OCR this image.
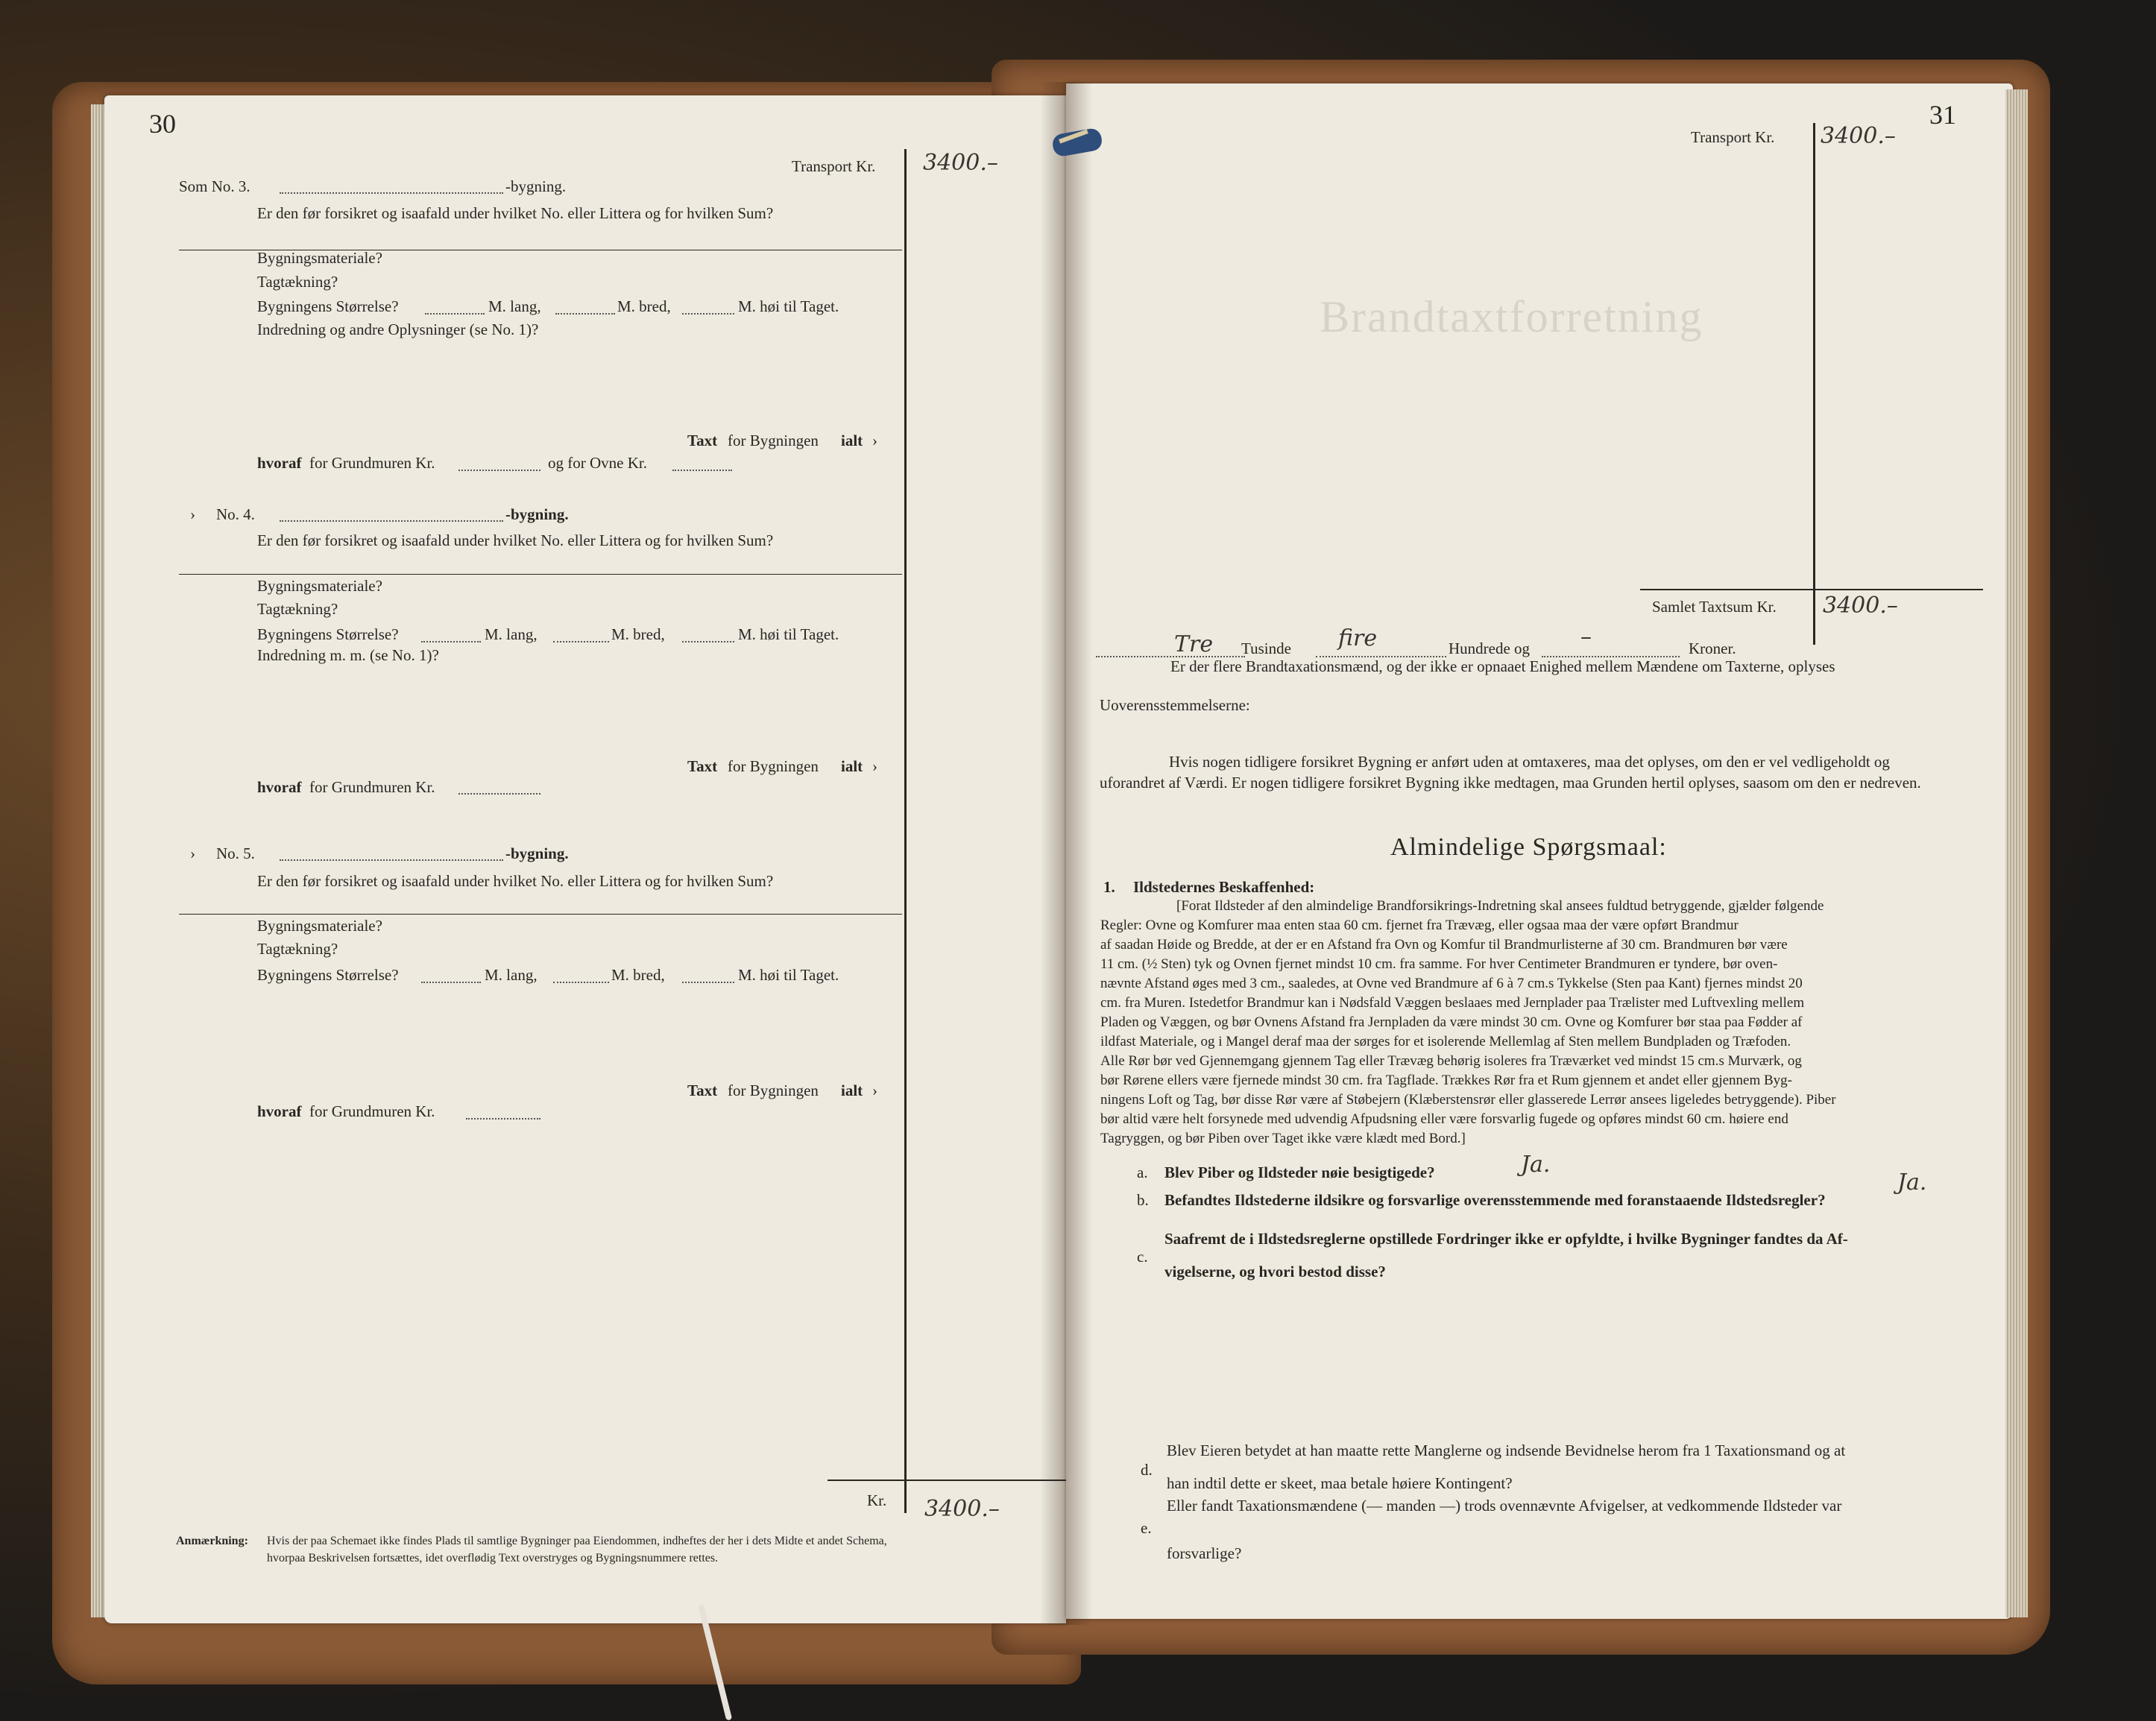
Brandtaxtforretning
30
Transport Kr. 3400.–
Som No. 3.	-bygning.
Er den før forsikret og isaafald under hvilket No. eller Littera og for hvilken Sum?
Bygningsmateriale?
Tagtækning?
Bygningens Størrelse?	M. lang,	M. bred,	M. høi til Taget.
Indredning og andre Oplysninger (se No. 1)?
Taxt for Bygningen ialt ›
hvoraf for Grundmuren Kr.	og for Ovne Kr.
› No. 4.	-bygning.
Er den før forsikret og isaafald under hvilket No. eller Littera og for hvilken Sum?
Bygningsmateriale?
Tagtækning?
Bygningens Størrelse?	M. lang,	M. bred,	M. høi til Taget.
Indredning m. m. (se No. 1)?
Taxt for Bygningen ialt ›
hvoraf for Grundmuren Kr.
› No. 5.	-bygning.
Er den før forsikret og isaafald under hvilket No. eller Littera og for hvilken Sum?
Bygningsmateriale?
Tagtækning?
Bygningens Størrelse?	M. lang,	M. bred,	M. høi til Taget.
Taxt for Bygningen ialt ›
hvoraf for Grundmuren Kr.
Kr. 3400.–
Anmærkning: Hvis der paa Schemaet ikke findes Plads til samtlige Bygninger paa Eiendommen, indheftes der her i dets Midte et andet Schema,
hvorpaa Beskrivelsen fortsættes, idet overflødig Text overstryges og Bygningsnummere rettes.
31
Transport Kr. 3400.–
Samlet Taxtsum Kr. 3400.–
Tre Tusinde fire	Hundrede og –	Kroner.
Er der flere Brandtaxationsmænd, og der ikke er opnaaet Enighed mellem Mændene om Taxterne, oplyses
Uoverensstemmelserne:
Hvis nogen tidligere forsikret Bygning er anført uden at omtaxeres, maa det oplyses, om den er vel vedligeholdt og
uforandret af Værdi. Er nogen tidligere forsikret Bygning ikke medtagen, maa Grunden hertil oplyses, saasom om den er nedreven.
Almindelige Spørgsmaal:
1. Ildstedernes Beskaffenhed:
[Forat Ildsteder af den almindelige Brandforsikrings-Indretning skal ansees fuldtud betryggende, gjælder følgende
Regler: Ovne og Komfurer maa enten staa 60 cm. fjernet fra Trævæg, eller ogsaa maa der være opført Brandmur
af saadan Høide og Bredde, at der er en Afstand fra Ovn og Komfur til Brandmurlisterne af 30 cm. Brandmuren bør være
11 cm. (½ Sten) tyk og Ovnen fjernet mindst 10 cm. fra samme. For hver Centimeter Brandmuren er tyndere, bør oven-
nævnte Afstand øges med 3 cm., saaledes, at Ovne ved Brandmure af 6 à 7 cm.s Tykkelse (Sten paa Kant) fjernes mindst 20
cm. fra Muren. Istedetfor Brandmur kan i Nødsfald Væggen beslaaes med Jernplader paa Trælister med Luftvexling mellem
Pladen og Væggen, og bør Ovnens Afstand fra Jernpladen da være mindst 30 cm. Ovne og Komfurer bør staa paa Fødder af
ildfast Materiale, og i Mangel deraf maa der sørges for et isolerende Mellemlag af Sten mellem Bundpladen og Træfoden.
Alle Rør bør ved Gjennemgang gjennem Tag eller Trævæg behørig isoleres fra Træværket ved mindst 15 cm.s Murværk, og
bør Rørene ellers være fjernede mindst 30 cm. fra Tagflade. Trækkes Rør fra et Rum gjennem et andet eller gjennem Byg-
ningens Loft og Tag, bør disse Rør være af Støbejern (Klæberstensrør eller glasserede Lerrør ansees ligeledes betryggende). Piber
bør altid være helt forsynede med udvendig Afpudsning eller være forsvarlig fugede og opføres mindst 60 cm. høiere end
Tagryggen, og bør Piben over Taget ikke være klædt med Bord.]
a. Blev Piber og Ildsteder nøie besigtigede?	Ja.
b. Befandtes Ildstederne ildsikre og forsvarlige overensstemmende med foranstaaende Ildstedsregler?
Ja.
c.
Saafremt de i Ildstedsreglerne opstillede Fordringer ikke er opfyldte, i hvilke Bygninger fandtes da Af-
vigelserne, og hvori bestod disse?
d.
Blev Eieren betydet at han maatte rette Manglerne og indsende Bevidnelse herom fra 1 Taxationsmand og at
han indtil dette er skeet, maa betale høiere Kontingent?
e.
Eller fandt Taxationsmændene (— manden —) trods ovennævnte Afvigelser, at vedkommende Ildsteder var
forsvarlige?
